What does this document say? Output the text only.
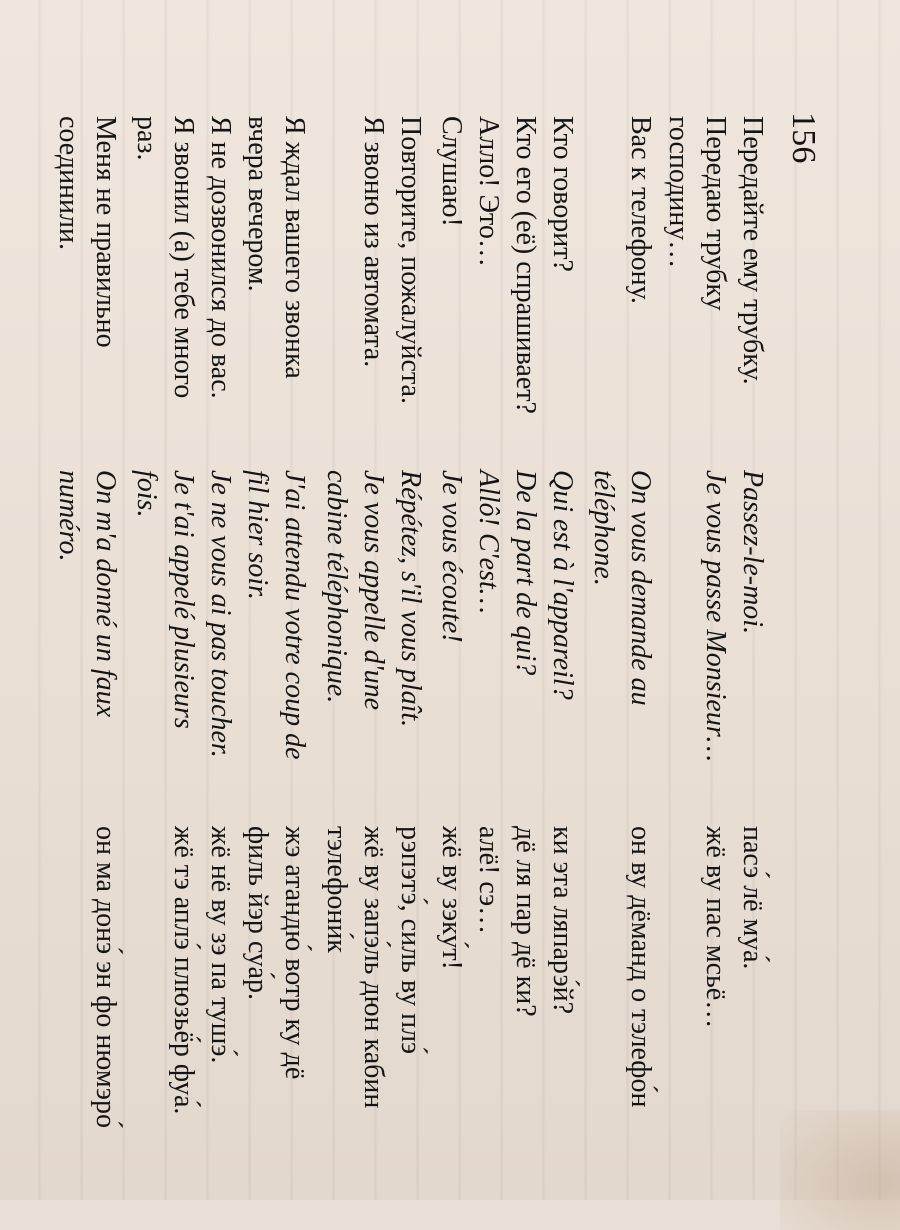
156
Передайте ему трубку.
Passez-le-moi.
пасэ́ лё муа́.
Передаю трубку
Je vous passe Monsieur…
жё ву пас мсьё…
господину…
Вас к телефону.
On vous demande au
он ву дёманд о тэлефо́н
téléphone.
Кто говорит?
Qui est à l'appareil?
ки эта ляпарэ́й?
Кто его (её) спрашивает?
De la part de qui?
дё ля пар дё ки?
Алло! Это…
Allô! C'est…
алё! сэ…
Слушаю!
Je vous écoute!
жё ву зэку́т!
Повторите, пожалуйста.
Répétez, s'il vous plaît.
рэпэтэ́, силь ву плэ́
Я звоню из автомата.
Je vous appelle d'une
жё ву запэ́ль дюн кабин
cabine téléphonique.
тэлефони́к
Я ждал вашего звонка
J'ai attendu votre coup de
жэ атандю́ вотр ку дё
вчера вечером.
fil hier soir.
филь йэр суа́р.
Я не дозвонился до вас.
Je ne vous ai pas toucher.
жё нё ву зэ па тушэ́.
Я звонил (а) тебе много
Je t'ai appelé plusieurs
жё тэ аплэ́ плюзьё́р фуа́.
раз.
fois.
Меня не правильно
On m'a donné un faux
он ма донэ́ эн фо нюмэро́
соединили.
numéro.
